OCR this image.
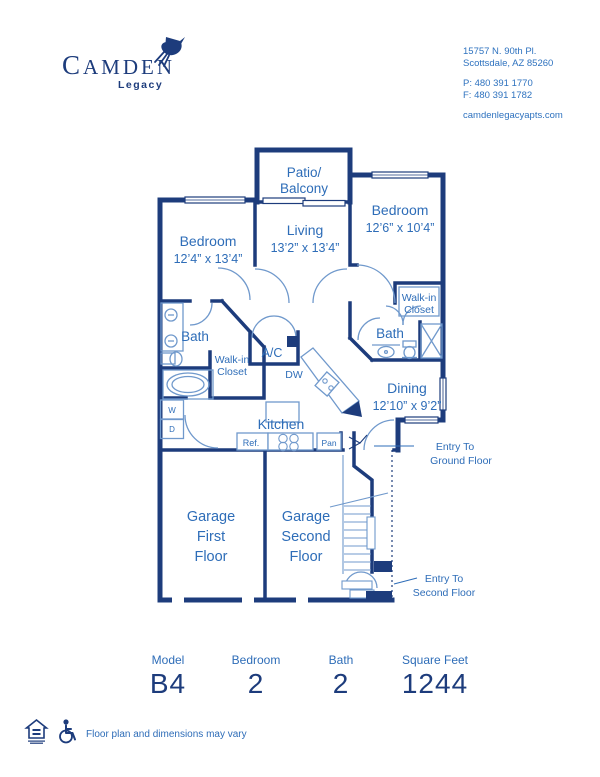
CAMDEN
Legacy
15757 N. 90th Pl.
Scottsdale, AZ 85260
P: 480 391 1770
F: 480 391 1782
camdenlegacyapts.com
Patio/
Balcony
Living
13’2” x 13’4”
Bedroom
12’4” x 13’4”
Bedroom
12’6” x 10’4”
Dining
12’10” x 9’2”
Kitchen
Bath	Bath
Walk-in
Closet
Walk-in
Closet
A/C
DW
Ref.	Pan
W
D
Garage
First
Floor
Garage
Second
Floor
Entry To
Ground Floor
Entry To
Second Floor
Model
B4
Bedroom
2
Bath
2
Square Feet
1244
Floor plan and dimensions may vary
